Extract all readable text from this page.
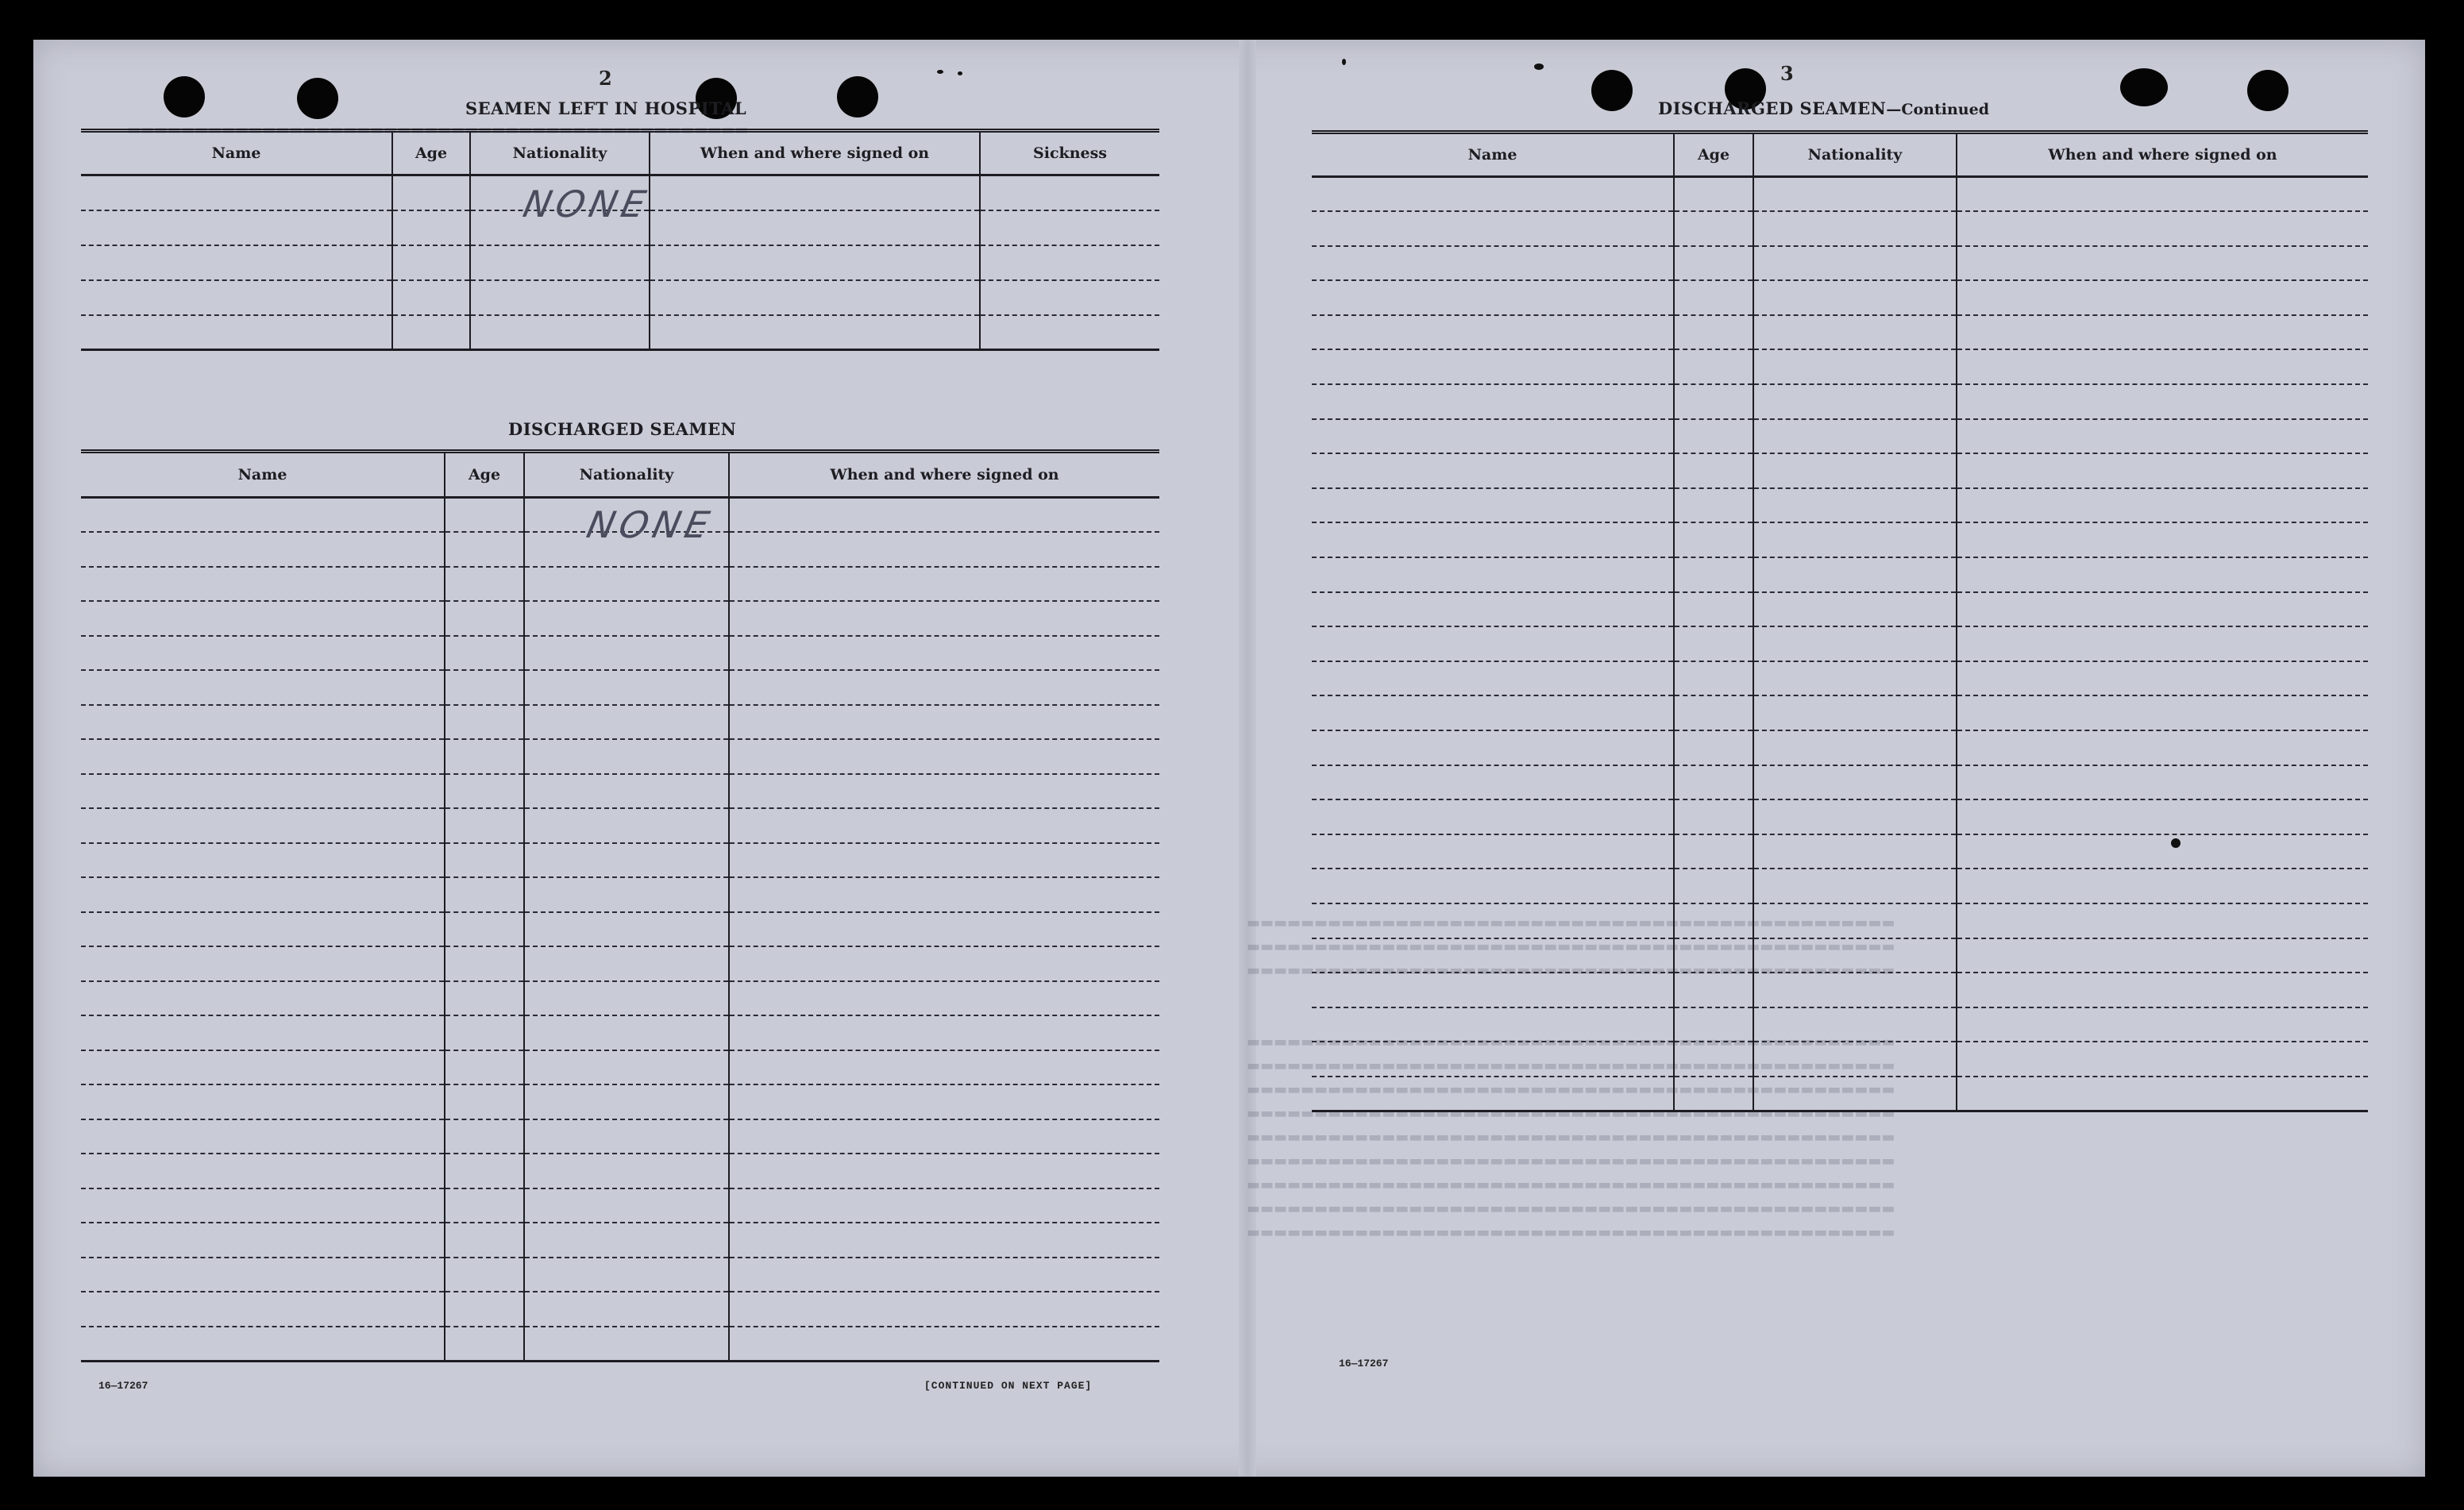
2
▬▬▬▬▬▬▬▬▬▬▬▬▬▬▬▬▬▬▬▬▬▬▬▬▬▬▬▬▬▬▬▬▬▬▬▬▬▬▬▬▬▬▬▬▬▬
SEAMEN LEFT IN HOSPITAL
Name	Age	Nationality	When and where signed on	Sickness

NONE
DISCHARGED SEAMEN
Name	Age	Nationality	When and where signed on

NONE
16—17267	[CONTINUED ON NEXT PAGE]
3
DISCHARGED SEAMEN—Continued
▬▬▬▬▬▬▬▬▬▬▬▬▬▬▬▬▬▬▬▬▬▬▬▬▬▬▬▬▬▬▬▬▬▬▬▬▬▬▬▬▬▬▬▬▬▬▬▬
▬▬▬▬▬▬▬▬▬▬▬▬▬▬▬▬▬▬▬▬▬▬▬▬▬▬▬▬▬▬▬▬▬▬▬▬▬▬▬▬▬▬▬▬▬▬▬▬
▬▬▬▬▬▬▬▬▬▬▬▬▬▬▬▬▬▬▬▬▬▬▬▬▬▬▬▬▬▬▬▬▬▬▬▬▬▬▬▬▬▬▬▬▬▬▬▬

▬▬▬▬▬▬▬▬▬▬▬▬▬▬▬▬▬▬▬▬▬▬▬▬▬▬▬▬▬▬▬▬▬▬▬▬▬▬▬▬▬▬▬▬▬▬▬▬
▬▬▬▬▬▬▬▬▬▬▬▬▬▬▬▬▬▬▬▬▬▬▬▬▬▬▬▬▬▬▬▬▬▬▬▬▬▬▬▬▬▬▬▬▬▬▬▬
▬▬▬▬▬▬▬▬▬▬▬▬▬▬▬▬▬▬▬▬▬▬▬▬▬▬▬▬▬▬▬▬▬▬▬▬▬▬▬▬▬▬▬▬▬▬▬▬
▬▬▬▬▬▬▬▬▬▬▬▬▬▬▬▬▬▬▬▬▬▬▬▬▬▬▬▬▬▬▬▬▬▬▬▬▬▬▬▬▬▬▬▬▬▬▬▬
▬▬▬▬▬▬▬▬▬▬▬▬▬▬▬▬▬▬▬▬▬▬▬▬▬▬▬▬▬▬▬▬▬▬▬▬▬▬▬▬▬▬▬▬▬▬▬▬
▬▬▬▬▬▬▬▬▬▬▬▬▬▬▬▬▬▬▬▬▬▬▬▬▬▬▬▬▬▬▬▬▬▬▬▬▬▬▬▬▬▬▬▬▬▬▬▬
▬▬▬▬▬▬▬▬▬▬▬▬▬▬▬▬▬▬▬▬▬▬▬▬▬▬▬▬▬▬▬▬▬▬▬▬▬▬▬▬▬▬▬▬▬▬▬▬
▬▬▬▬▬▬▬▬▬▬▬▬▬▬▬▬▬▬▬▬▬▬▬▬▬▬▬▬▬▬▬▬▬▬▬▬▬▬▬▬▬▬▬▬▬▬▬▬
▬▬▬▬▬▬▬▬▬▬▬▬▬▬▬▬▬▬▬▬▬▬▬▬▬▬▬▬▬▬▬▬▬▬▬▬▬▬▬▬▬▬▬▬▬▬▬▬
Name	Age	Nationality	When and where signed on

16—17267
